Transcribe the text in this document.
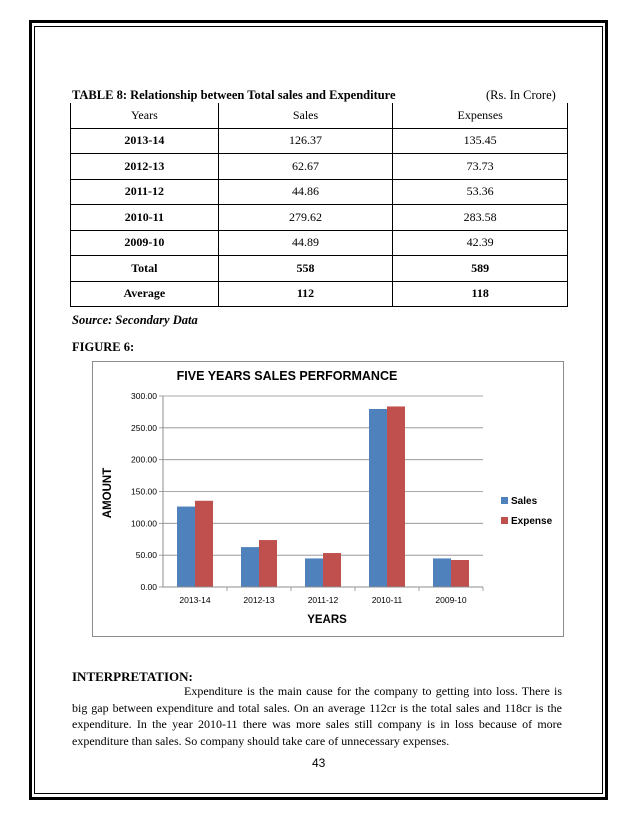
TABLE 8: Relationship between Total sales and Expenditure	(Rs. In Crore)
Years	Sales	Expenses
2013-14	126.37	135.45
2012-13	62.67	73.73
2011-12	44.86	53.36
2010-11	279.62	283.58
2009-10	44.89	42.39
Total	558	589
Average	112	118
Source: Secondary Data
FIGURE 6:
FIVE YEARS SALES PERFORMANCE
0.00
50.00
100.00
150.00
200.00
250.00
300.00
2013-14	2012-13	2011-12	2010-11	2009-10
YEARS
AMOUNT	Sales
Expense
INTERPRETATION:
Expenditure is the main cause for the company to getting into loss. There is big gap between expenditure and total sales. On an average 112cr is the total sales and 118cr is the expenditure. In the year 2010-11 there was more sales still company is in loss because of more expenditure than sales. So company should take care of unnecessary expenses.
43
